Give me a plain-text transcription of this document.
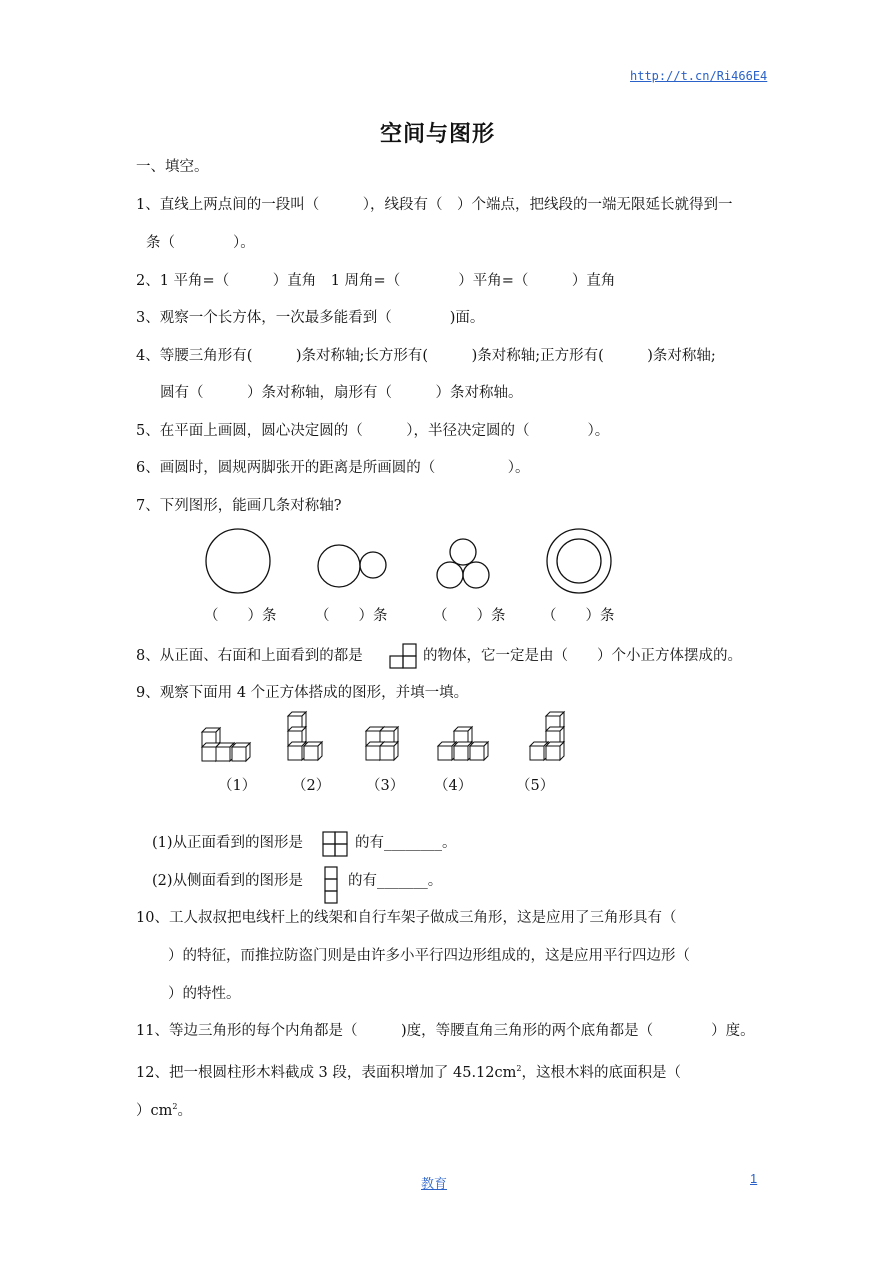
http://t.cn/Ri466E4
空间与图形
一、填空。
1、直线上两点间的一段叫（　　　），线段有（　）个端点，把线段的一端无限延长就得到一
条（　　　　）。
2、1 平角=（　　　）直角　1 周角=（　　　　）平角=（　　　）直角
3、观察一个长方体，一次最多能看到（　　　　)面。
4、等腰三角形有(　　　)条对称轴;长方形有(　　　)条对称轴;正方形有(　　　)条对称轴;
圆有（　　　）条对称轴，扇形有（　　　）条对称轴。
5、在平面上画圆，圆心决定圆的（　　　），半径决定圆的（　　　　）。
6、画圆时，圆规两脚张开的距离是所画圆的（　　　　　）。
7、下列图形，能画几条对称轴?
（　　）条	（　　）条	（　　）条	（　　）条
8、从正面、右面和上面看到的都是	的物体，它一定是由（　　）个小正方体摆成的。
9、观察下面用 4 个正方体搭成的图形，并填一填。
（1） （2） （3） （4）	（5）
(1)从正面看到的图形是	的有________。
(2)从侧面看到的图形是	的有_______。
10、工人叔叔把电线杆上的线架和自行车架子做成三角形，这是应用了三角形具有（
）的特征，而推拉防盗门则是由许多小平行四边形组成的，这是应用平行四边形（
）的特性。
11、等边三角形的每个内角都是（　　　)度，等腰直角三角形的两个底角都是（　　　　）度。
12、把一根圆柱形木料截成 3 段，表面积增加了 $45.12cm^2$，这根木料的底面积是（
）$cm^2$。
教育	1
